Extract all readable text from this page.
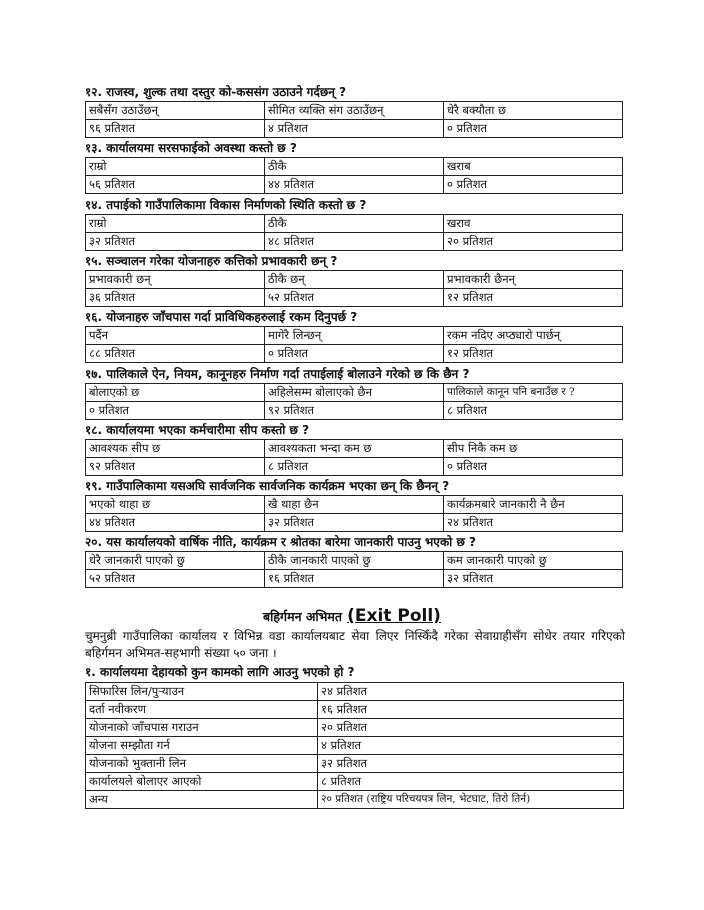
१२. राजस्व, शुल्क तथा दस्तुर को-कससंग उठाउने गर्दछन् ?
सबैसँग उठाउँछन्	सीमित व्यक्ति संग उठाउँछन्	धेरै बक्यौता छ
९६ प्रतिशत	४ प्रतिशत	० प्रतिशत
१३. कार्यालयमा सरसफाईको अवस्था कस्तो छ ?
राम्रो	ठीकै	खराब
५६ प्रतिशत	४४ प्रतिशत	० प्रतिशत
१४. तपाईको गाउँपालिकामा विकास निर्माणको स्थिति कस्तो छ ?
राम्रो	ठीकै	खराव
३२ प्रतिशत	४८ प्रतिशत	२० प्रतिशत
१५. सञ्चालन गरेका योजनाहरु कत्तिको प्रभावकारी छन् ?
प्रभावकारी छन्	ठीकै छन्	प्रभावकारी छैनन्
३६ प्रतिशत	५२ प्रतिशत	१२ प्रतिशत
१६. योजनाहरु जाँचपास गर्दा प्राविधिकहरुलाई रकम दिनुपर्छ ?
पर्दैन	मागेरै लिन्छन्	रकम नदिए अप्ठ्यारो पार्छन्
८८ प्रतिशत	० प्रतिशत	१२ प्रतिशत
१७. पालिकाले ऐन, नियम, कानूनहरु निर्माण गर्दा तपाईलाई बोलाउने गरेको छ कि छैन ?
बोलाएको छ	अहिलेसम्म बोलाएको छैन	पालिकाले कानून पनि बनाउँछ र ?
० प्रतिशत	९२ प्रतिशत	८ प्रतिशत
१८. कार्यालयमा भएका कर्मचारीमा सीप कस्तो छ ?
आवश्यक सीप छ	आवश्यकता भन्दा कम छ	सीप निकै कम छ
९२ प्रतिशत	८ प्रतिशत	० प्रतिशत
१९. गाउँपालिकामा यसअघि सार्वजनिक सार्वजनिक कार्यक्रम भएका छन् कि छैनन् ?
भएको थाहा छ	खै थाहा छैन	कार्यक्रमबारे जानकारी नै छैन
४४ प्रतिशत	३२ प्रतिशत	२४ प्रतिशत
२०. यस कार्यालयको वार्षिक नीति, कार्यक्रम र श्रोतका बारेमा जानकारी पाउनु भएको छ ?
धेरै जानकारी पाएको छु	ठीकै जानकारी पाएको छु	कम जानकारी पाएको छु
५२ प्रतिशत	१६ प्रतिशत	३२ प्रतिशत
बहिर्गमन अभिमत (Exit Poll)
चुमनुब्री गाउँपालिका कार्यालय र विभिन्न वडा कार्यालयबाट सेवा लिएर निस्किँदै गरेका सेवाग्राहीसँग सोधेर तयार गरिएको बहिर्गमन अभिमत-सहभागी संख्या ५० जना ।
१. कार्यालयमा देहायको कुन कामको लागि आउनु भएको हो ?
सिफारिस लिन/पुऱ्याउन	२४ प्रतिशत
दर्ता नवीकरण	१६ प्रतिशत
योजनाको जाँचपास गराउन	२० प्रतिशत
योजना सम्झौता गर्न	४ प्रतिशत
योजनाको भुक्तानी लिन	३२ प्रतिशत
कार्यालयले बोलाएर आएको	८ प्रतिशत
अन्य	२० प्रतिशत (राष्ट्रिय परिचयपत्र लिन, भेटघाट, तिरो तिर्न)
